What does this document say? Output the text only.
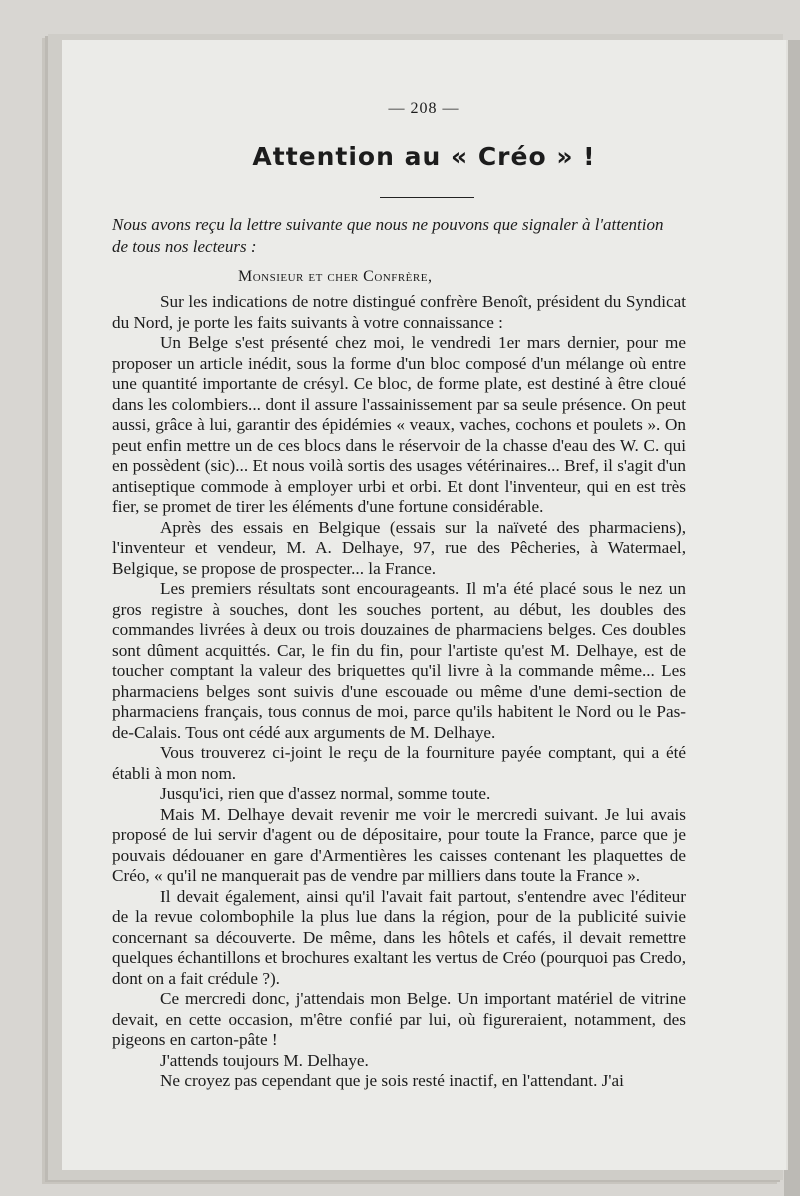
— 208 —
Attention au « Créo » !
Nous avons reçu la lettre suivante que nous ne pouvons que signaler à l'attention de tous nos lecteurs :
Monsieur et cher Confrère,

Sur les indications de notre distingué confrère Benoît, président du Syndicat du Nord, je porte les faits suivants à votre connaissance :

Un Belge s'est présenté chez moi, le vendredi 1er mars dernier, pour me proposer un article inédit, sous la forme d'un bloc composé d'un mélange où entre une quantité importante de crésyl. Ce bloc, de forme plate, est destiné à être cloué dans les colombiers... dont il assure l'assainissement par sa seule présence. On peut aussi, grâce à lui, garantir des épidémies « veaux, vaches, cochons et poulets ». On peut enfin mettre un de ces blocs dans le réservoir de la chasse d'eau des W. C. qui en possèdent (sic)... Et nous voilà sortis des usages vétérinaires... Bref, il s'agit d'un antiseptique commode à employer urbi et orbi. Et dont l'inventeur, qui en est très fier, se promet de tirer les éléments d'une fortune considérable.

Après des essais en Belgique (essais sur la naïveté des pharmaciens), l'inventeur et vendeur, M. A. Delhaye, 97, rue des Pêcheries, à Watermael, Belgique, se propose de prospecter... la France.

Les premiers résultats sont encourageants. Il m'a été placé sous le nez un gros registre à souches, dont les souches portent, au début, les doubles des commandes livrées à deux ou trois douzaines de pharmaciens belges. Ces doubles sont dûment acquittés. Car, le fin du fin, pour l'artiste qu'est M. Delhaye, est de toucher comptant la valeur des briquettes qu'il livre à la commande même... Les pharmaciens belges sont suivis d'une escouade ou même d'une demi-section de pharmaciens français, tous connus de moi, parce qu'ils habitent le Nord ou le Pas-de-Calais. Tous ont cédé aux arguments de M. Delhaye.

Vous trouverez ci-joint le reçu de la fourniture payée comptant, qui a été établi à mon nom.

Jusqu'ici, rien que d'assez normal, somme toute.

Mais M. Delhaye devait revenir me voir le mercredi suivant. Je lui avais proposé de lui servir d'agent ou de dépositaire, pour toute la France, parce que je pouvais dédouaner en gare d'Armentières les caisses contenant les plaquettes de Créo, « qu'il ne manquerait pas de vendre par milliers dans toute la France ».

Il devait également, ainsi qu'il l'avait fait partout, s'entendre avec l'éditeur de la revue colombophile la plus lue dans la région, pour de la publicité suivie concernant sa découverte. De même, dans les hôtels et cafés, il devait remettre quelques échantillons et brochures exaltant les vertus de Créo (pourquoi pas Credo, dont on a fait crédule ?).

Ce mercredi donc, j'attendais mon Belge. Un important matériel de vitrine devait, en cette occasion, m'être confié par lui, où figureraient, notamment, des pigeons en carton-pâte !

J'attends toujours M. Delhaye.

Ne croyez pas cependant que je sois resté inactif, en l'attendant. J'ai
